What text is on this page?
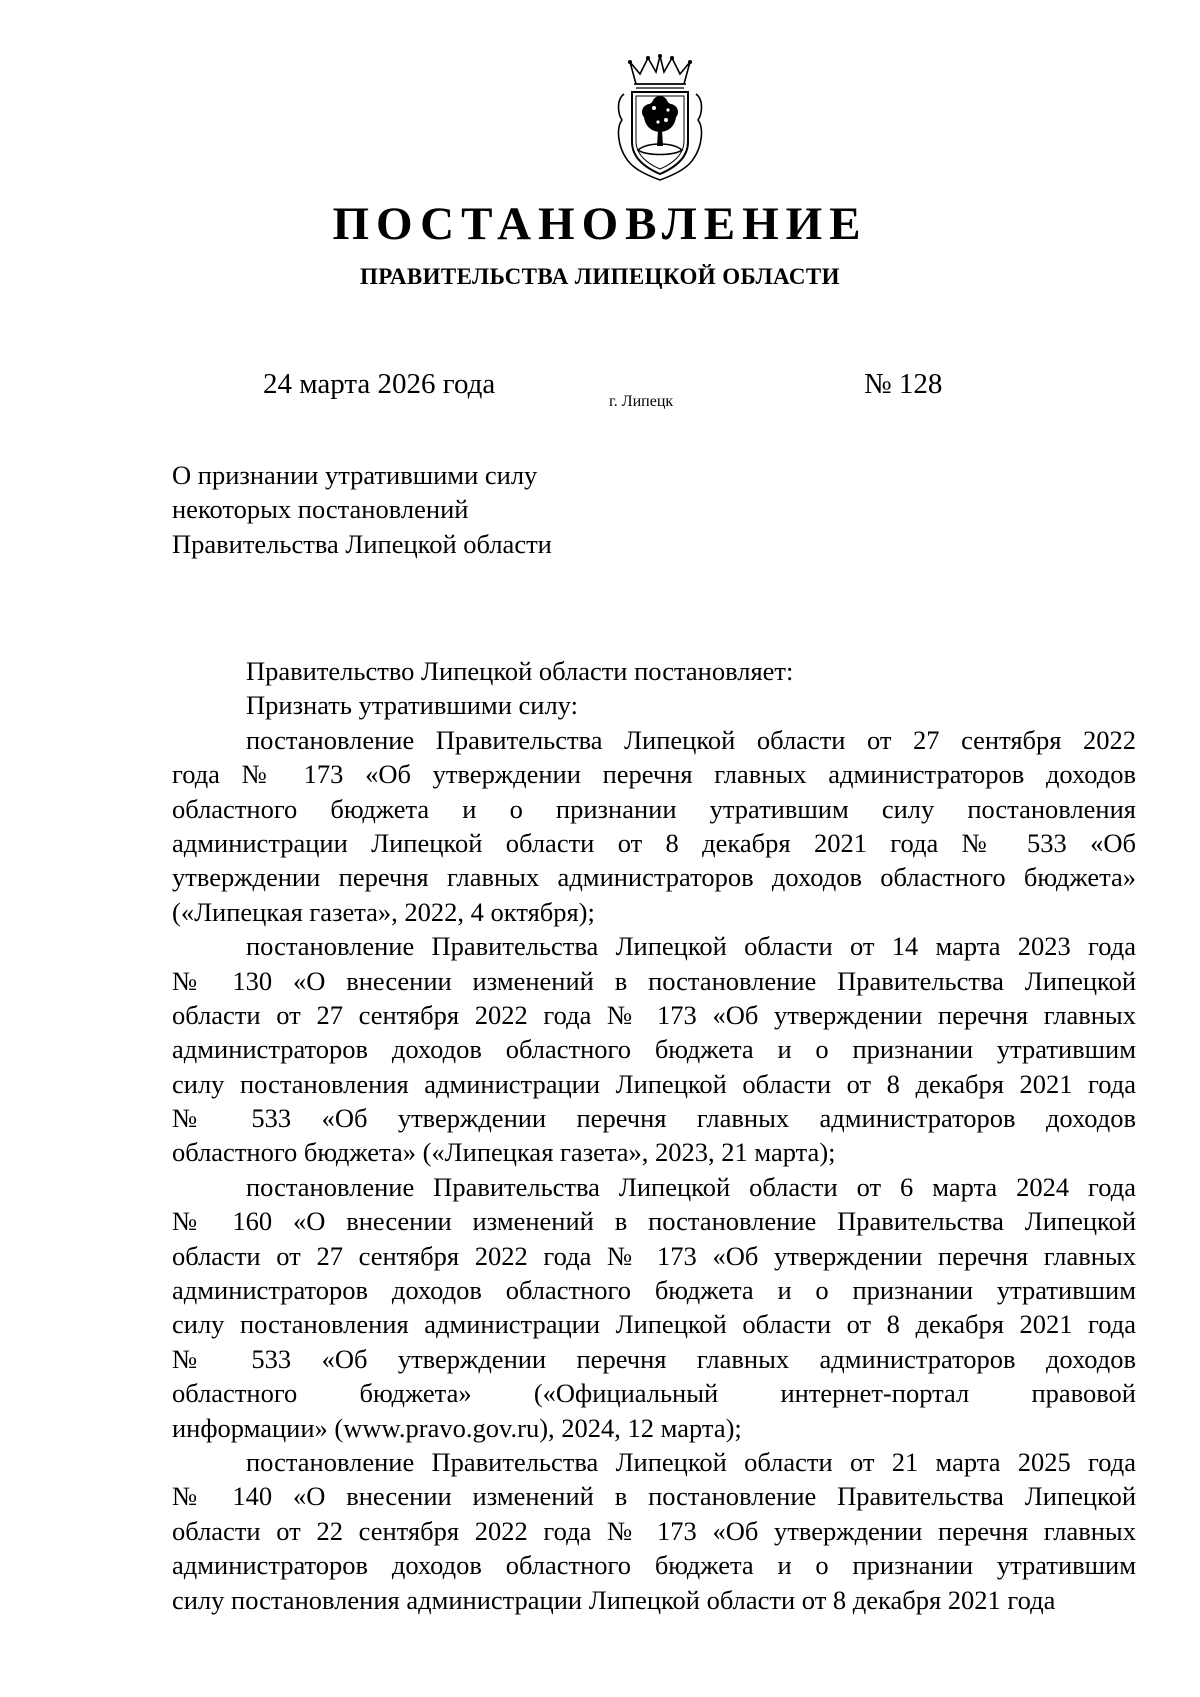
ПОСТАНОВЛЕНИЕ
ПРАВИТЕЛЬСТВА ЛИПЕЦКОЙ ОБЛАСТИ
24 марта 2026 года
г. Липецк
№ 128
О признании утратившими силу
некоторых постановлений
Правительства Липецкой области
Правительство Липецкой области постановляет:
Признать утратившими силу:
постановление Правительства Липецкой области от 27 сентября 2022
года № 173 «Об утверждении перечня главных администраторов доходов
областного бюджета и о признании утратившим силу постановления
администрации Липецкой области от 8 декабря 2021 года № 533 «Об
утверждении перечня главных администраторов доходов областного бюджета»
(«Липецкая газета», 2022, 4 октября);
постановление Правительства Липецкой области от 14 марта 2023 года
№ 130 «О внесении изменений в постановление Правительства Липецкой
области от 27 сентября 2022 года № 173 «Об утверждении перечня главных
администраторов доходов областного бюджета и о признании утратившим
силу постановления администрации Липецкой области от 8 декабря 2021 года
№ 533 «Об утверждении перечня главных администраторов доходов
областного бюджета» («Липецкая газета», 2023, 21 марта);
постановление Правительства Липецкой области от 6 марта 2024 года
№ 160 «О внесении изменений в постановление Правительства Липецкой
области от 27 сентября 2022 года № 173 «Об утверждении перечня главных
администраторов доходов областного бюджета и о признании утратившим
силу постановления администрации Липецкой области от 8 декабря 2021 года
№ 533 «Об утверждении перечня главных администраторов доходов
областного бюджета» («Официальный интернет-портал правовой
информации» (www.pravo.gov.ru), 2024, 12 марта);
постановление Правительства Липецкой области от 21 марта 2025 года
№ 140 «О внесении изменений в постановление Правительства Липецкой
области от 22 сентября 2022 года № 173 «Об утверждении перечня главных
администраторов доходов областного бюджета и о признании утратившим
силу постановления администрации Липецкой области от 8 декабря 2021 года
